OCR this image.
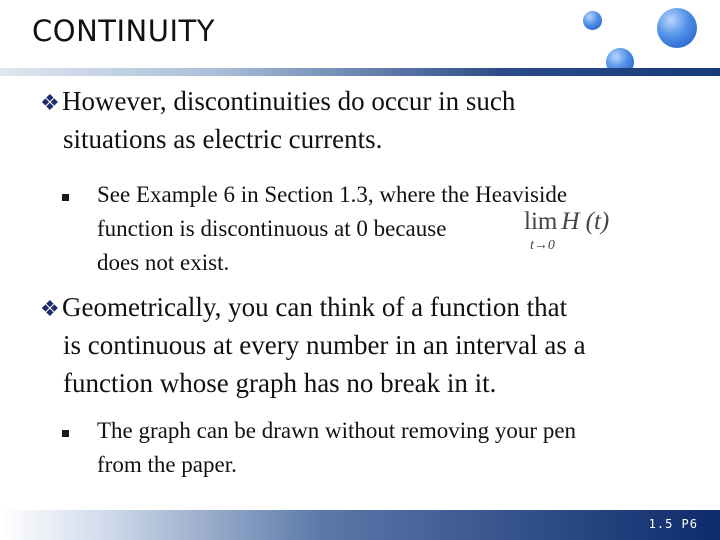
CONTINUITY
❖However, discontinuities do occur in such
situations as electric currents.
See Example 6 in Section 1.3, where the Heaviside
function is discontinuous at 0 because
does not exist.
lim H (t)
t→0
❖Geometrically, you can think of a function that
is continuous at every number in an interval as a
function whose graph has no break in it.
The graph can be drawn without removing your pen
from the paper.
1.5 P6
